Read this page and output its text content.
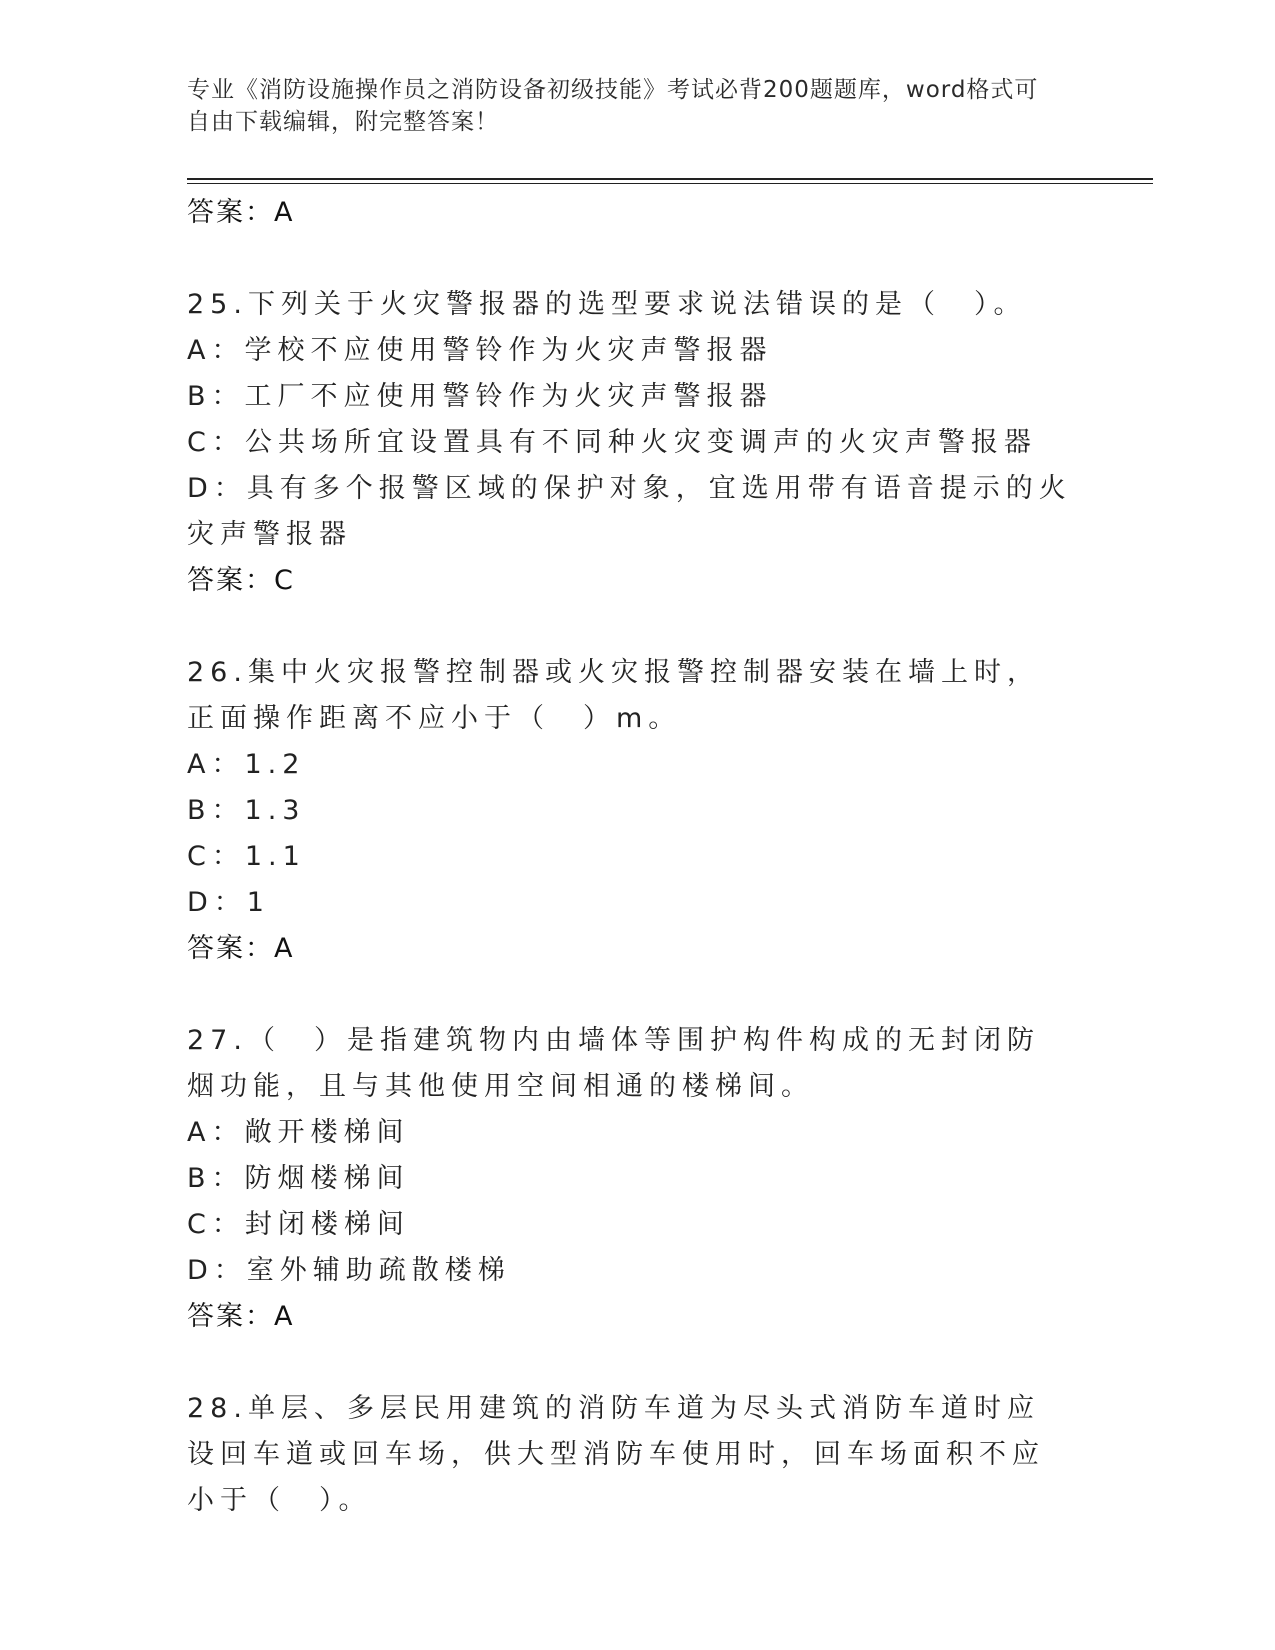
专业《消防设施操作员之消防设备初级技能》考试必背200题题库，word格式可
自由下载编辑，附完整答案！
答案：A
25.下列关于火灾警报器的选型要求说法错误的是（　）。
A：学校不应使用警铃作为火灾声警报器
B：工厂不应使用警铃作为火灾声警报器
C：公共场所宜设置具有不同种火灾变调声的火灾声警报器
D：具有多个报警区域的保护对象，宜选用带有语音提示的火灾声警报器
答案：C
26.集中火灾报警控制器或火灾报警控制器安装在墙上时，正面操作距离不应小于（　）m。
A：1.2
B：1.3
C：1.1
D：1
答案：A
27.（　）是指建筑物内由墙体等围护构件构成的无封闭防烟功能，且与其他使用空间相通的楼梯间。
A：敞开楼梯间
B：防烟楼梯间
C：封闭楼梯间
D：室外辅助疏散楼梯
答案：A
28.单层、多层民用建筑的消防车道为尽头式消防车道时应设回车道或回车场，供大型消防车使用时，回车场面积不应小于（　）。
